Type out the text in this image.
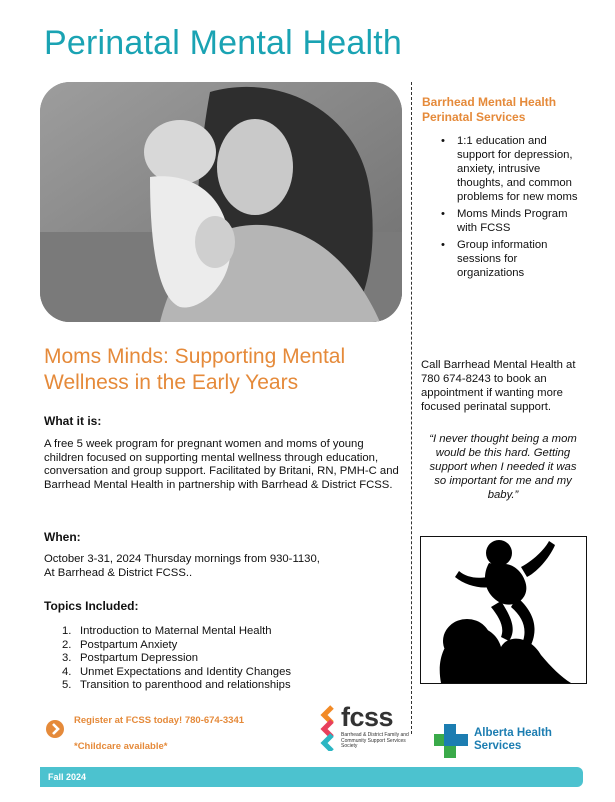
Perinatal Mental Health
Moms Minds: Supporting Mental Wellness in the Early Years
What it is:
A free 5 week program for pregnant women and moms of young children focused on supporting mental wellness through education, conversation and group support. Facilitated by Britani, RN, PMH-C and Barrhead Mental Health in partnership with Barrhead & District FCSS.
When:
October 3-31, 2024 Thursday mornings from 930-1130,
At Barrhead & District FCSS..
Topics Included:
1. Introduction to Maternal Mental Health
2. Postpartum Anxiety
3. Postpartum Depression
4. Unmet Expectations and Identity Changes
5. Transition to parenthood and relationships
Register at FCSS today! 780-674-3341
*Childcare available*
fcss
Barrhead & District Family and Community Support Services Society
Alberta Health
Services
Fall 2024
Barrhead Mental Health Perinatal Services
• 1:1 education and support for depression, anxiety, intrusive thoughts, and common problems for new moms
• Moms Minds Program with FCSS
• Group information sessions for organizations
Call Barrhead Mental Health at 780 674-8243 to book an appointment if wanting more focused perinatal support.
“I never thought being a mom would be this hard. Getting support when I needed it was so important for me and my baby.”
